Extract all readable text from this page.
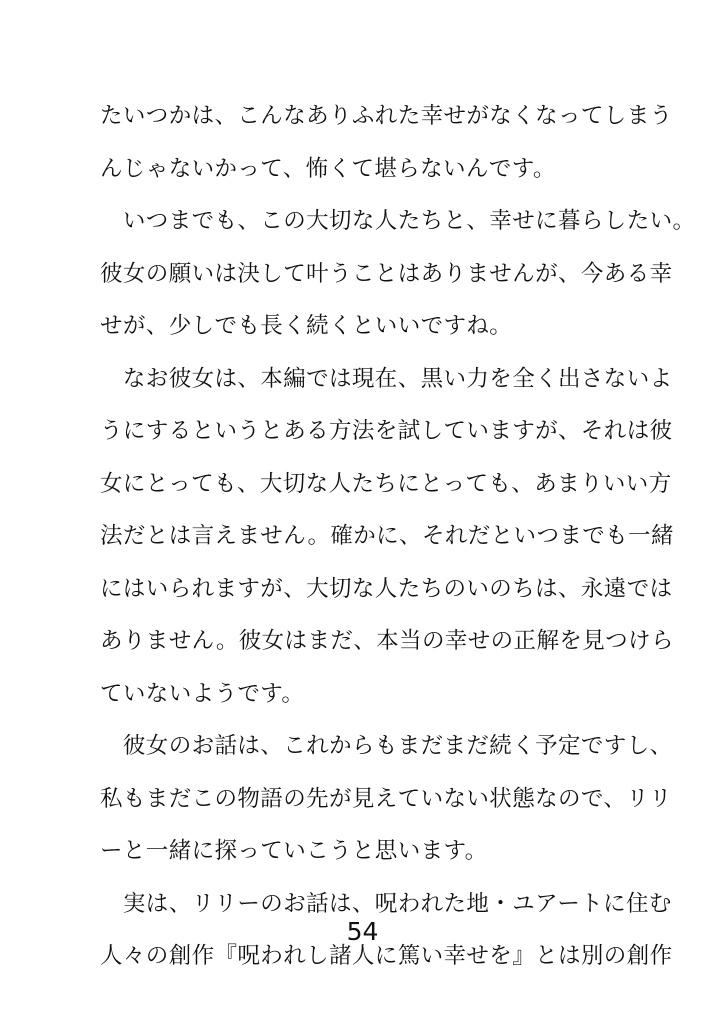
たいつかは、こんなありふれた幸せがなくなってしまう
んじゃないかって、怖くて堪らないんです。
　いつまでも、この大切な人たちと、幸せに暮らしたい。
彼女の願いは決して叶うことはありませんが、今ある幸
せが、少しでも長く続くといいですね。
　なお彼女は、本編では現在、黒い力を全く出さないよ
うにするというとある方法を試していますが、それは彼
女にとっても、大切な人たちにとっても、あまりいい方
法だとは言えません。確かに、それだといつまでも一緒
にはいられますが、大切な人たちのいのちは、永遠では
ありません。彼女はまだ、本当の幸せの正解を見つけら
ていないようです。
　彼女のお話は、これからもまだまだ続く予定ですし、
私もまだこの物語の先が見えていない状態なので、リリ
ーと一緒に探っていこうと思います。
　実は、リリーのお話は、呪われた地・ユアートに住む
人々の創作『呪われし諸人に篤い幸せを』とは別の創作
54
